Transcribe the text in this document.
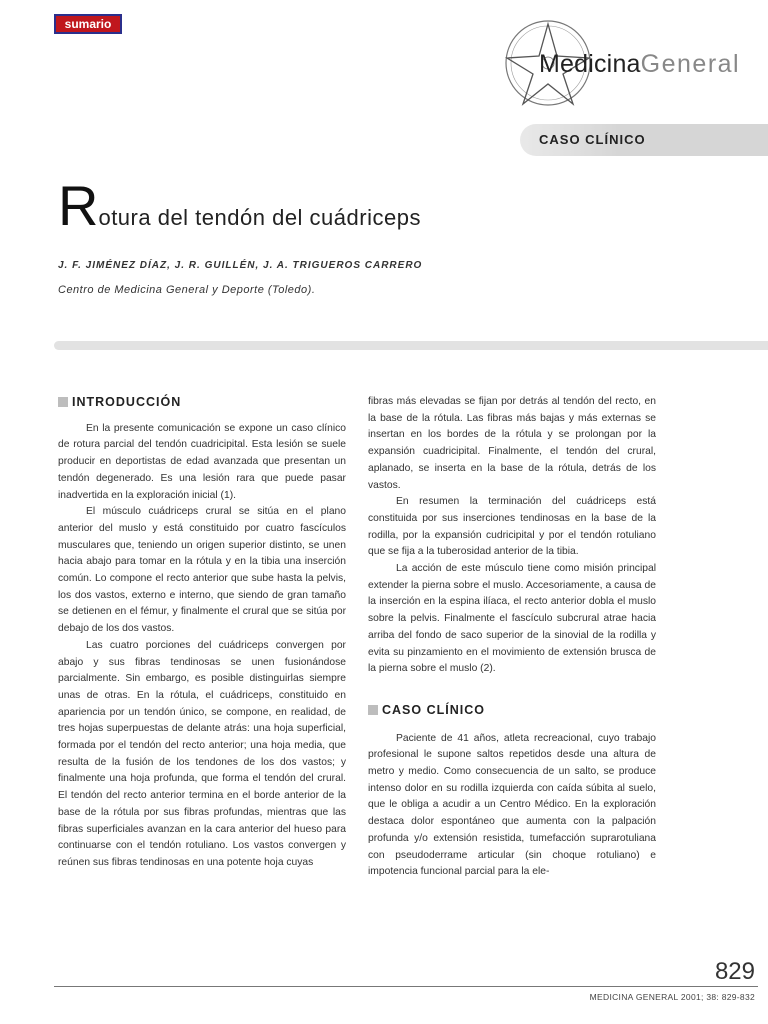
sumario
MedicinaGeneral
CASO CLÍNICO
Rotura del tendón del cuádriceps
J. F. JIMÉNEZ DÍAZ, J. R. GUILLÉN, J. A. TRIGUEROS CARRERO
Centro de Medicina General y Deporte (Toledo).
INTRODUCCIÓN

En la presente comunicación se expone un caso clínico de rotura parcial del tendón cuadricipital. Esta lesión se suele producir en deportistas de edad avanzada que presentan un tendón degenerado. Es una lesión rara que puede pasar inadvertida en la exploración inicial (1).

El músculo cuádriceps crural se sitúa en el plano anterior del muslo y está constituido por cuatro fascículos musculares que, teniendo un origen superior distinto, se unen hacia abajo para tomar en la rótula y en la tibia una inserción común. Lo compone el recto anterior que sube hasta la pelvis, los dos vastos, externo e interno, que siendo de gran tamaño se detienen en el fémur, y finalmente el crural que se sitúa por debajo de los dos vastos.

Las cuatro porciones del cuádriceps convergen por abajo y sus fibras tendinosas se unen fusionándose parcialmente. Sin embargo, es posible distinguirlas siempre unas de otras. En la rótula, el cuádriceps, constituido en apariencia por un tendón único, se compone, en realidad, de tres hojas superpuestas de delante atrás: una hoja superficial, formada por el tendón del recto anterior; una hoja media, que resulta de la fusión de los tendones de los dos vastos; y finalmente una hoja profunda, que forma el tendón del crural. El tendón del recto anterior termina en el borde anterior de la base de la rótula por sus fibras profundas, mientras que las fibras superficiales avanzan en la cara anterior del hueso para continuarse con el tendón rotuliano. Los vastos convergen y reúnen sus fibras tendinosas en una potente hoja cuyas

fibras más elevadas se fijan por detrás al tendón del recto, en la base de la rótula. Las fibras más bajas y más externas se insertan en los bordes de la rótula y se prolongan por la expansión cuadricipital. Finalmente, el tendón del crural, aplanado, se inserta en la base de la rótula, detrás de los vastos.

En resumen la terminación del cuádriceps está constituida por sus inserciones tendinosas en la base de la rodilla, por la expansión cudricipital y por el tendón rotuliano que se fija a la tuberosidad anterior de la tibia.

La acción de este músculo tiene como misión principal extender la pierna sobre el muslo. Accesoriamente, a causa de la inserción en la espina ilíaca, el recto anterior dobla el muslo sobre la pelvis. Finalmente el fascículo subcrural atrae hacia arriba del fondo de saco superior de la sinovial de la rodilla y evita su pinzamiento en el movimiento de extensión brusca de la pierna sobre el muslo (2).

CASO CLÍNICO

Paciente de 41 años, atleta recreacional, cuyo trabajo profesional le supone saltos repetidos desde una altura de metro y medio. Como consecuencia de un salto, se produce intenso dolor en su rodilla izquierda con caída súbita al suelo, que le obliga a acudir a un Centro Médico. En la exploración destaca dolor espontáneo que aumenta con la palpación profunda y/o extensión resistida, tumefacción suprarotuliana con pseudoderrame articular (sin choque rotuliano) e impotencia funcional parcial para la ele-

829
MEDICINA GENERAL 2001; 38: 829-832
